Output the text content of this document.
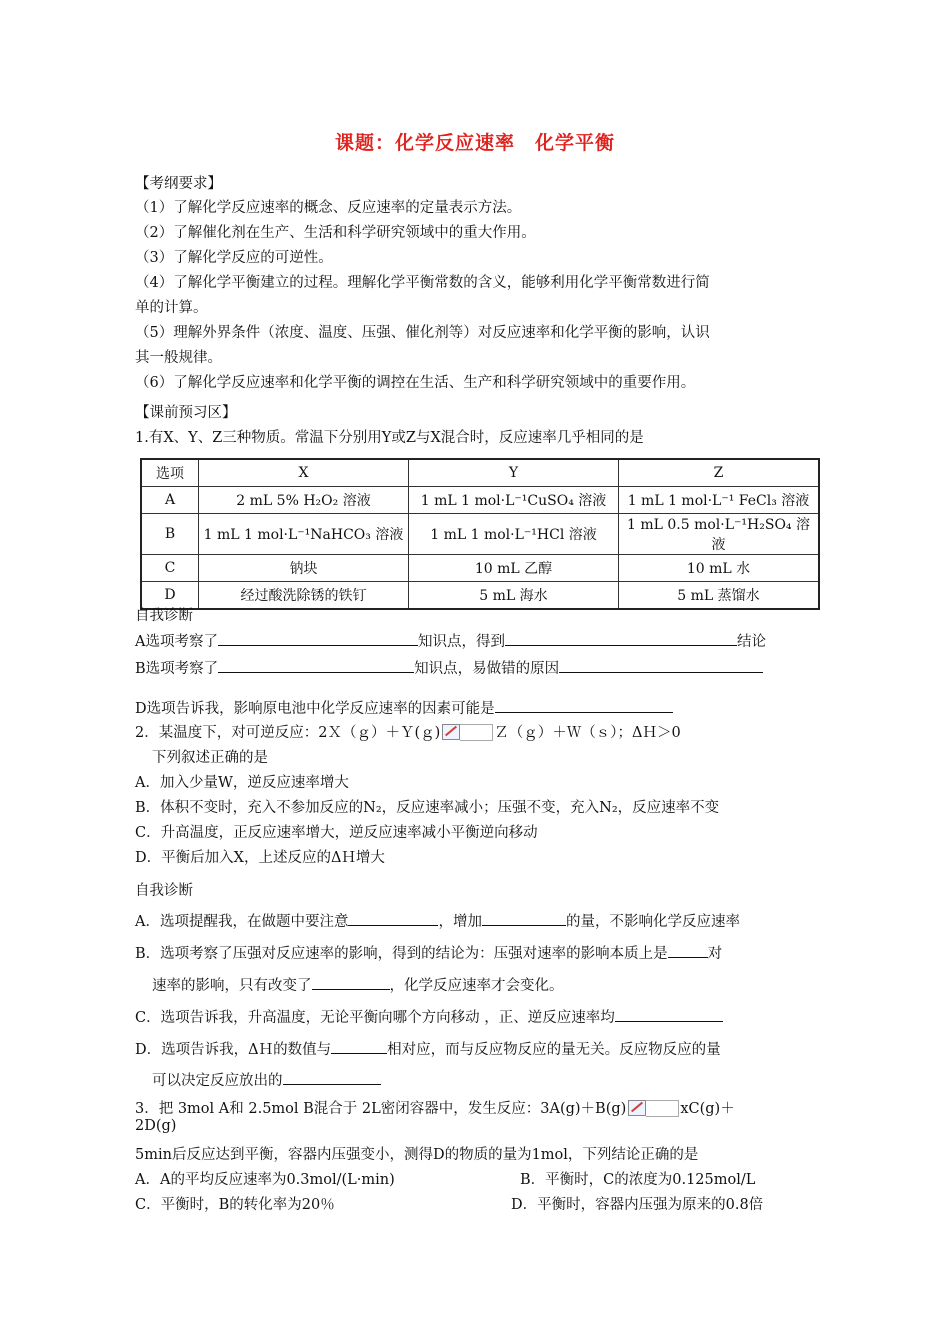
课题：化学反应速率　化学平衡
【考纲要求】
（1）了解化学反应速率的概念、反应速率的定量表示方法。
（2）了解催化剂在生产、生活和科学研究领域中的重大作用。
（3）了解化学反应的可逆性。
（4）了解化学平衡建立的过程。理解化学平衡常数的含义，能够利用化学平衡常数进行简
单的计算。
（5）理解外界条件（浓度、温度、压强、催化剂等）对反应速率和化学平衡的影响，认识
其一般规律。
（6）了解化学反应速率和化学平衡的调控在生活、生产和科学研究领域中的重要作用。
【课前预习区】
1.有X、Y、Z三种物质。常温下分别用Y或Z与X混合时，反应速率几乎相同的是
选项	X	Y	Z
A	2 mL 5% H₂O₂ 溶液	1 mL 1 mol·L⁻¹CuSO₄ 溶液	1 mL 1 mol·L⁻¹ FeCl₃ 溶液
B	1 mL 1 mol·L⁻¹NaHCO₃ 溶液	1 mL 1 mol·L⁻¹HCl 溶液	1 mL 0.5 mol·L⁻¹H₂SO₄ 溶液
C	钠块	10 mL 乙醇	10 mL 水
D	经过酸洗除锈的铁钉	5 mL 海水	5 mL 蒸馏水
自我诊断
A选项考察了	知识点，得到	结论
B选项考察了	知识点，易做错的原因
D选项告诉我，影响原电池中化学反应速率的因素可能是
2．某温度下，对可逆反应：2Ｘ（ｇ）＋Ｙ(ｇ)	Ｚ（ｇ）＋Ｗ（ｓ）；ΔＨ＞0
下列叙述正确的是
A．加入少量W，逆反应速率增大
B．体积不变时，充入不参加反应的N₂，反应速率减小；压强不变，充入N₂，反应速率不变
C．升高温度，正反应速率增大，逆反应速率减小平衡逆向移动
D．平衡后加入X，上述反应的ΔＨ增大
自我诊断
A．选项提醒我，在做题中要注意	，增加	的量，不影响化学反应速率
B．选项考察了压强对反应速率的影响，得到的结论为：压强对速率的影响本质上是	对
速率的影响，只有改变了	，化学反应速率才会变化。
C．选项告诉我，升高温度，无论平衡向哪个方向移动 ，正、逆反应速率均
D．选项告诉我，ΔＨ的数值与	相对应，而与反应物反应的量无关。反应物反应的量
可以决定反应放出的
3．把 3mol A和 2.5mol B混合于 2L密闭容器中，发生反应：3A(g)＋B(g)	xC(g)＋
2D(g)
5min后反应达到平衡，容器内压强变小，测得D的物质的量为1mol，下列结论正确的是
A．A的平均反应速率为0.3mol/(L·min)	B．平衡时，C的浓度为0.125mol/L
C．平衡时，B的转化率为20％	D．平衡时，容器内压强为原来的0.8倍
